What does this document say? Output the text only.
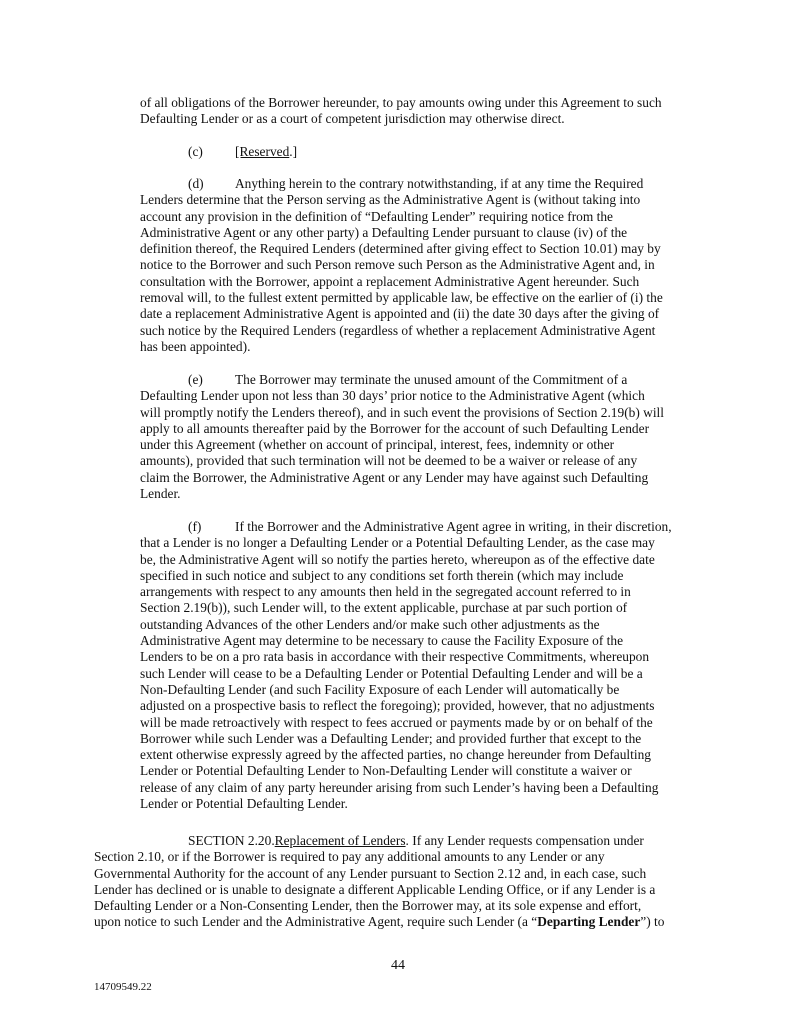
of all obligations of the Borrower hereunder, to pay amounts owing under this Agreement to such
Defaulting Lender or as a court of competent jurisdiction may otherwise direct.
(c) [Reserved.]
(d) Anything herein to the contrary notwithstanding, if at any time the Required
Lenders determine that the Person serving as the Administrative Agent is (without taking into
account any provision in the definition of “Defaulting Lender” requiring notice from the
Administrative Agent or any other party) a Defaulting Lender pursuant to clause (iv) of the
definition thereof, the Required Lenders (determined after giving effect to Section 10.01) may by
notice to the Borrower and such Person remove such Person as the Administrative Agent and, in
consultation with the Borrower, appoint a replacement Administrative Agent hereunder. Such
removal will, to the fullest extent permitted by applicable law, be effective on the earlier of (i) the
date a replacement Administrative Agent is appointed and (ii) the date 30 days after the giving of
such notice by the Required Lenders (regardless of whether a replacement Administrative Agent
has been appointed).
(e) The Borrower may terminate the unused amount of the Commitment of a
Defaulting Lender upon not less than 30 days’ prior notice to the Administrative Agent (which
will promptly notify the Lenders thereof), and in such event the provisions of Section 2.19(b) will
apply to all amounts thereafter paid by the Borrower for the account of such Defaulting Lender
under this Agreement (whether on account of principal, interest, fees, indemnity or other
amounts), provided that such termination will not be deemed to be a waiver or release of any
claim the Borrower, the Administrative Agent or any Lender may have against such Defaulting
Lender.
(f)	If the Borrower and the Administrative Agent agree in writing, in their discretion,
that a Lender is no longer a Defaulting Lender or a Potential Defaulting Lender, as the case may
be, the Administrative Agent will so notify the parties hereto, whereupon as of the effective date
specified in such notice and subject to any conditions set forth therein (which may include
arrangements with respect to any amounts then held in the segregated account referred to in
Section 2.19(b)), such Lender will, to the extent applicable, purchase at par such portion of
outstanding Advances of the other Lenders and/or make such other adjustments as the
Administrative Agent may determine to be necessary to cause the Facility Exposure of the
Lenders to be on a pro rata basis in accordance with their respective Commitments, whereupon
such Lender will cease to be a Defaulting Lender or Potential Defaulting Lender and will be a
Non-Defaulting Lender (and such Facility Exposure of each Lender will automatically be
adjusted on a prospective basis to reflect the foregoing); provided, however, that no adjustments
will be made retroactively with respect to fees accrued or payments made by or on behalf of the
Borrower while such Lender was a Defaulting Lender; and provided further that except to the
extent otherwise expressly agreed by the affected parties, no change hereunder from Defaulting
Lender or Potential Defaulting Lender to Non-Defaulting Lender will constitute a waiver or
release of any claim of any party hereunder arising from such Lender’s having been a Defaulting
Lender or Potential Defaulting Lender.
SECTION 2.20.Replacement of Lenders. If any Lender requests compensation under
Section 2.10, or if the Borrower is required to pay any additional amounts to any Lender or any
Governmental Authority for the account of any Lender pursuant to Section 2.12 and, in each case, such
Lender has declined or is unable to designate a different Applicable Lending Office, or if any Lender is a
Defaulting Lender or a Non-Consenting Lender, then the Borrower may, at its sole expense and effort,
upon notice to such Lender and the Administrative Agent, require such Lender (a “Departing Lender”) to
44
14709549.22
